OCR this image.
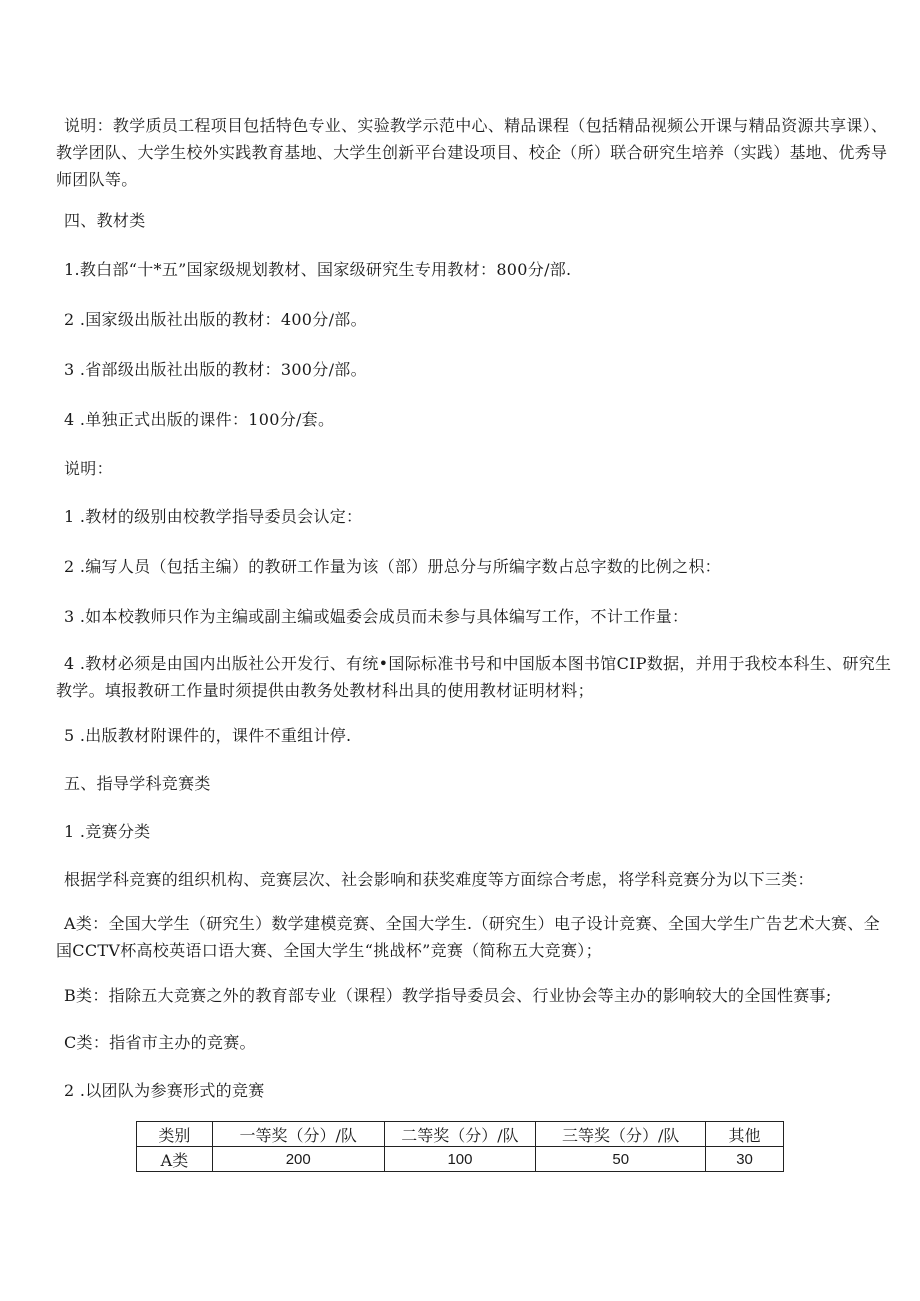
说明：教学质员工程项目包括特色专业、实验教学示范中心、精品课程（包括精品视频公开课与精品资源共享课）、教学团队、大学生校外实践教育基地、大学生创新平台建设项目、校企（所）联合研究生培养（实践）基地、优秀导师团队等。

四、教材类

1.教白部“十*五”国家级规划教材、国家级研究生专用教材：800分/部.

2 .国家级出版社出版的教材：400分/部。

3 .省部级出版社出版的教材：300分/部。

4 .单独正式出版的课件：100分/套。

说明：

1 .教材的级别由校教学指导委员会认定：

2 .编写人员（包括主编）的教研工作量为该（部）册总分与所编字数占总字数的比例之枳：

3 .如本校教师只作为主编或副主编或媪委会成员而未参与具体编写工作，不计工作量：

4 .教材必须是由国内出版社公开发行、有统•国际标准书号和中国版本图书馆CIP数据，并用于我校本科生、研究生教学。填报教研工作量时须提供由教务处教材科出具的使用教材证明材料；

5 .出版教材附课件的，课件不重组计停.

五、指导学科竞赛类

1 .竞赛分类

根据学科竞赛的组织机构、竞赛层次、社会影响和获奖难度等方面综合考虑，将学科竞赛分为以下三类：

A类：全国大学生（研究生）数学建模竞赛、全国大学生.（研究生）电子设计竞赛、全国大学生广告艺术大赛、全国CCTV杯高校英语口语大赛、全国大学生“挑战杯”竞赛（简称五大竞赛）；

B类：指除五大竞赛之外的教育部专业（课程）教学指导委员会、行业协会等主办的影响较大的全国性赛事;

C类：指省市主办的竞赛。

2 .以团队为参赛形式的竞赛

类别	一等奖（分）/队	二等奖（分）/队	三等奖（分）/队	其他
A类	200	100	50	30
